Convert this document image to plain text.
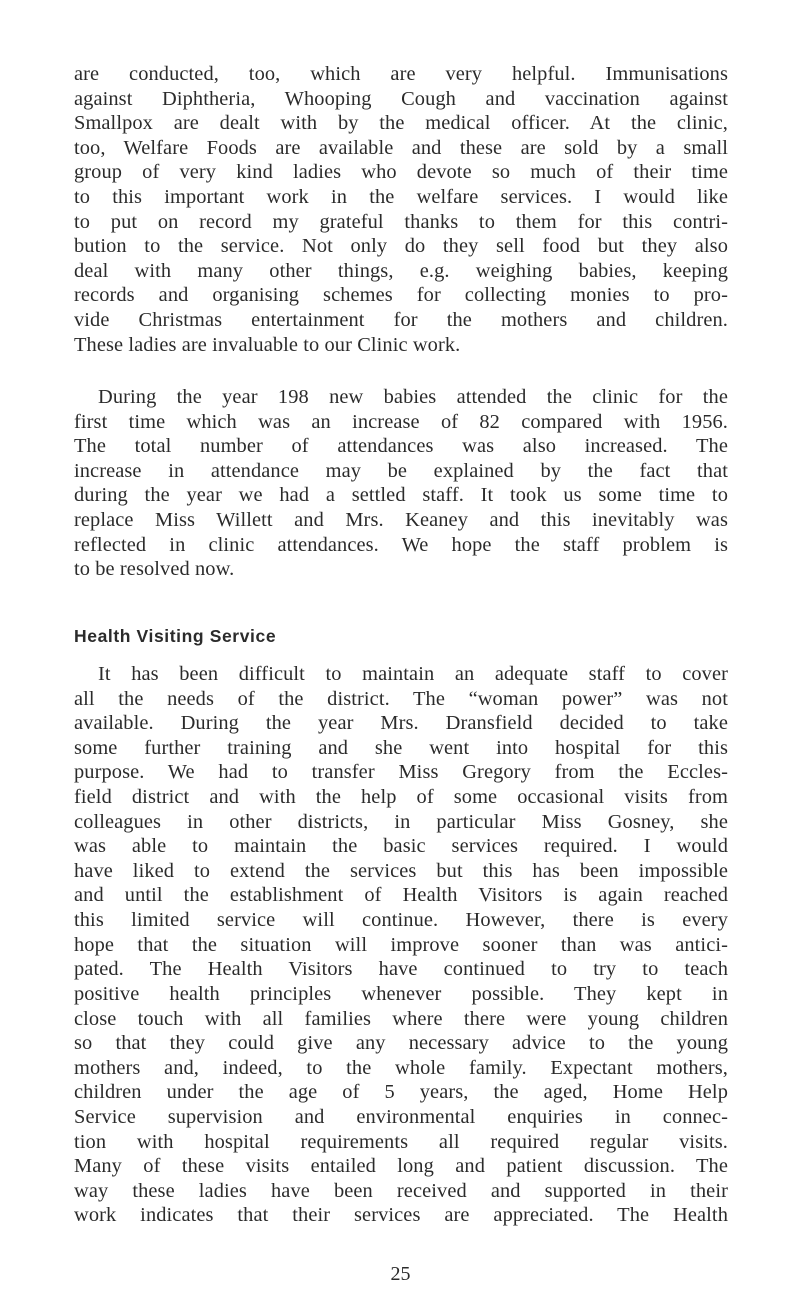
are conducted, too, which are very helpful. Immunisations
against Diphtheria, Whooping Cough and vaccination against
Smallpox are dealt with by the medical officer. At the clinic,
too, Welfare Foods are available and these are sold by a small
group of very kind ladies who devote so much of their time
to this important work in the welfare services. I would like
to put on record my grateful thanks to them for this contri-
bution to the service. Not only do they sell food but they also
deal with many other things, e.g. weighing babies, keeping
records and organising schemes for collecting monies to pro-
vide Christmas entertainment for the mothers and children.
These ladies are invaluable to our Clinic work.
During the year 198 new babies attended the clinic for the
first time which was an increase of 82 compared with 1956.
The total number of attendances was also increased. The
increase in attendance may be explained by the fact that
during the year we had a settled staff. It took us some time to
replace Miss Willett and Mrs. Keaney and this inevitably was
reflected in clinic attendances. We hope the staff problem is
to be resolved now.
Health Visiting Service
It has been difficult to maintain an adequate staff to cover
all the needs of the district. The “woman power” was not
available. During the year Mrs. Dransfield decided to take
some further training and she went into hospital for this
purpose. We had to transfer Miss Gregory from the Eccles-
field district and with the help of some occasional visits from
colleagues in other districts, in particular Miss Gosney, she
was able to maintain the basic services required. I would
have liked to extend the services but this has been impossible
and until the establishment of Health Visitors is again reached
this limited service will continue. However, there is every
hope that the situation will improve sooner than was antici-
pated. The Health Visitors have continued to try to teach
positive health principles whenever possible. They kept in
close touch with all families where there were young children
so that they could give any necessary advice to the young
mothers and, indeed, to the whole family. Expectant mothers,
children under the age of 5 years, the aged, Home Help
Service supervision and environmental enquiries in connec-
tion with hospital requirements all required regular visits.
Many of these visits entailed long and patient discussion. The
way these ladies have been received and supported in their
work indicates that their services are appreciated. The Health
25
